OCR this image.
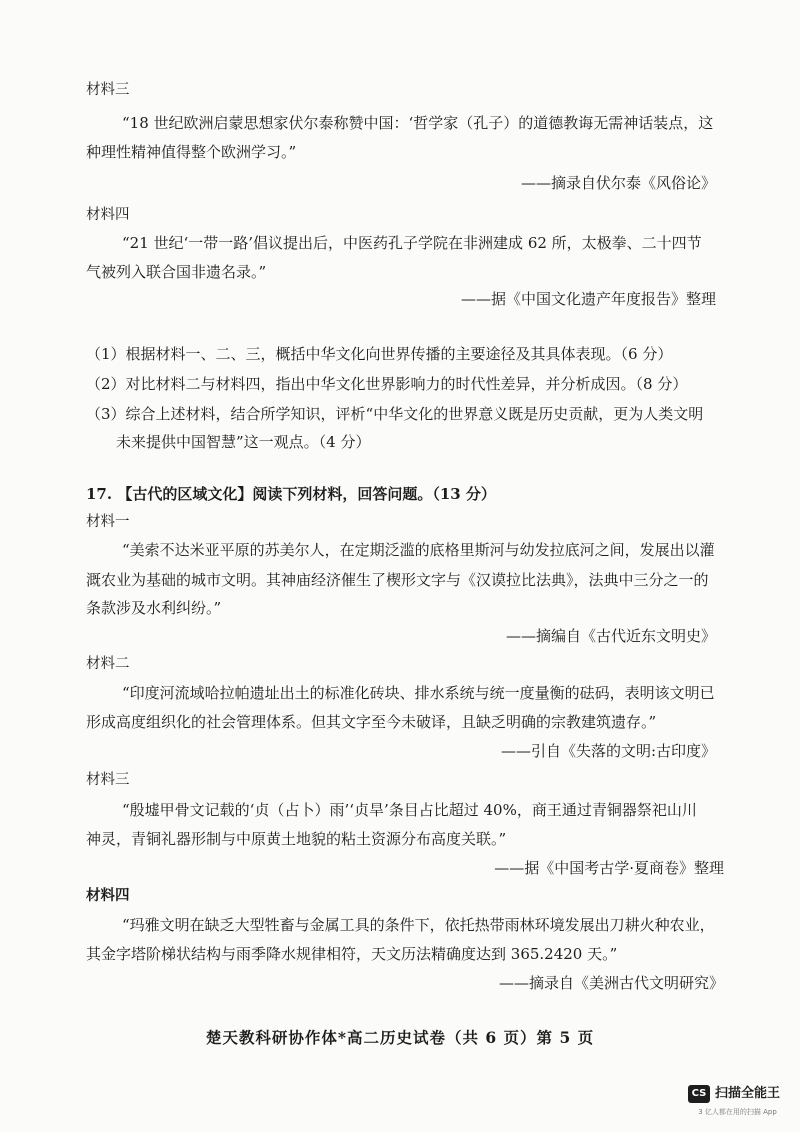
材料三
“18 世纪欧洲启蒙思想家伏尔泰称赞中国：‘哲学家（孔子）的道德教诲无需神话装点，这
种理性精神值得整个欧洲学习。”
——摘录自伏尔泰《风俗论》
材料四
“21 世纪‘一带一路’倡议提出后，中医药孔子学院在非洲建成 62 所，太极拳、二十四节
气被列入联合国非遗名录。”
——据《中国文化遗产年度报告》整理
（1）根据材料一、二、三，概括中华文化向世界传播的主要途径及其具体表现。（6 分）
（2）对比材料二与材料四，指出中华文化世界影响力的时代性差异，并分析成因。（8 分）
（3）综合上述材料，结合所学知识，评析“中华文化的世界意义既是历史贡献，更为人类文明
未来提供中国智慧”这一观点。（4 分）
17. 【古代的区域文化】阅读下列材料，回答问题。（13 分）
材料一
“美索不达米亚平原的苏美尔人，在定期泛滥的底格里斯河与幼发拉底河之间，发展出以灌
溉农业为基础的城市文明。其神庙经济催生了楔形文字与《汉谟拉比法典》，法典中三分之一的
条款涉及水利纠纷。”
——摘编自《古代近东文明史》
材料二
“印度河流域哈拉帕遗址出土的标准化砖块、排水系统与统一度量衡的砝码，表明该文明已
形成高度组织化的社会管理体系。但其文字至今未破译，且缺乏明确的宗教建筑遗存。”
——引自《失落的文明:古印度》
材料三
“殷墟甲骨文记载的‘贞（占卜）雨’‘贞旱’条目占比超过 40%，商王通过青铜器祭祀山川
神灵，青铜礼器形制与中原黄土地貌的粘土资源分布高度关联。”
——据《中国考古学·夏商卷》整理
材料四
“玛雅文明在缺乏大型牲畜与金属工具的条件下，依托热带雨林环境发展出刀耕火种农业，
其金字塔阶梯状结构与雨季降水规律相符，天文历法精确度达到 365.2420 天。”
——摘录自《美洲古代文明研究》
楚天教科研协作体*高二历史试卷（共 6 页）第 5 页
CS 扫描全能王
3 亿人都在用的扫描 App
